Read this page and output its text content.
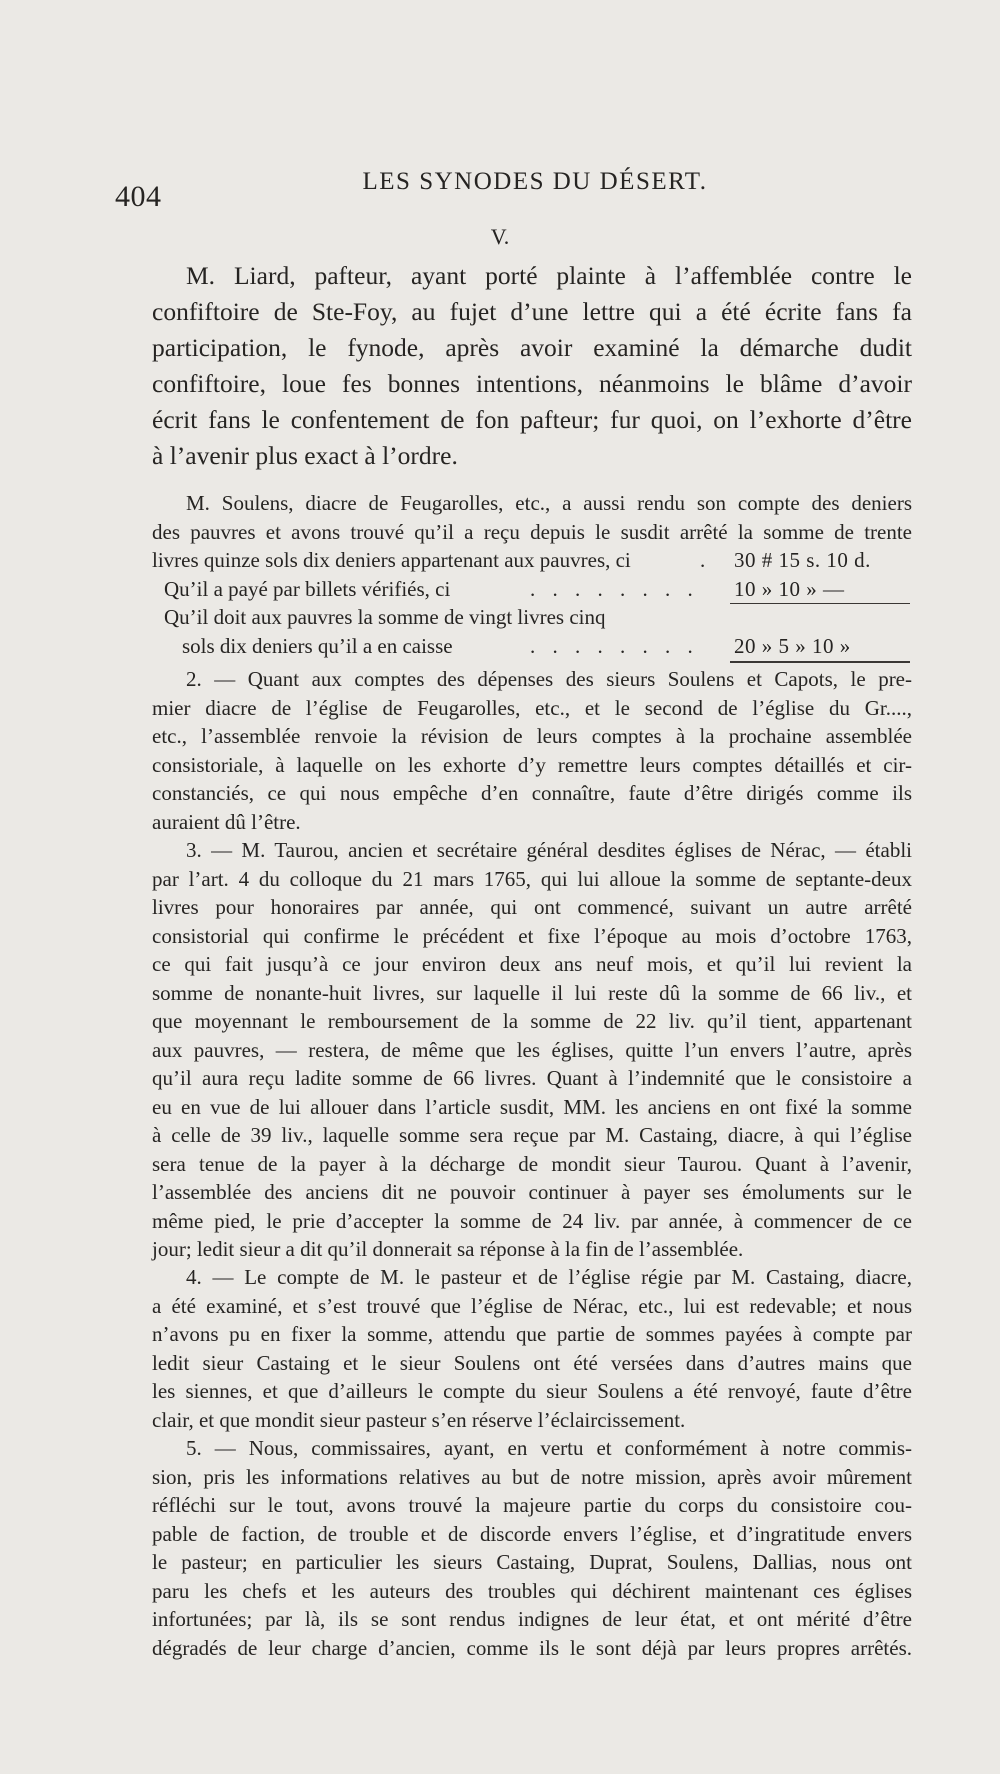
404	LES SYNODES DU DÉSERT.
V.
M. Liard, pafteur, ayant porté plainte à l’affemblée contre le
confiftoire de Ste-Foy, au fujet d’une lettre qui a été écrite fans fa
participation, le fynode, après avoir examiné la démarche dudit
confiftoire, loue fes bonnes intentions, néanmoins le blâme d’avoir
écrit fans le confentement de fon pafteur; fur quoi, on l’exhorte d’être
à l’avenir plus exact à l’ordre.
M. Soulens, diacre de Feugarolles, etc., a aussi rendu son compte des deniers
des pauvres et avons trouvé qu’il a reçu depuis le susdit arrêté la somme de trente
livres quinze sols dix deniers appartenant aux pauvres, ci	. 30 # 15 s. 10 d.
Qu’il a payé par billets vérifiés, ci	. . . . . . . . 10 » 10 » —
Qu’il doit aux pauvres la somme de vingt livres cinq
sols dix deniers qu’il a en caisse	. . . . . . . . 20 » 5 » 10 »
2. — Quant aux comptes des dépenses des sieurs Soulens et Capots, le pre-
mier diacre de l’église de Feugarolles, etc., et le second de l’église du Gr....,
etc., l’assemblée renvoie la révision de leurs comptes à la prochaine assemblée
consistoriale, à laquelle on les exhorte d’y remettre leurs comptes détaillés et cir-
constanciés, ce qui nous empêche d’en connaître, faute d’être dirigés comme ils
auraient dû l’être.
3. — M. Taurou, ancien et secrétaire général desdites églises de Nérac, — établi
par l’art. 4 du colloque du 21 mars 1765, qui lui alloue la somme de septante-deux
livres pour honoraires par année, qui ont commencé, suivant un autre arrêté
consistorial qui confirme le précédent et fixe l’époque au mois d’octobre 1763,
ce qui fait jusqu’à ce jour environ deux ans neuf mois, et qu’il lui revient la
somme de nonante-huit livres, sur laquelle il lui reste dû la somme de 66 liv., et
que moyennant le remboursement de la somme de 22 liv. qu’il tient, appartenant
aux pauvres, — restera, de même que les églises, quitte l’un envers l’autre, après
qu’il aura reçu ladite somme de 66 livres. Quant à l’indemnité que le consistoire a
eu en vue de lui allouer dans l’article susdit, MM. les anciens en ont fixé la somme
à celle de 39 liv., laquelle somme sera reçue par M. Castaing, diacre, à qui l’église
sera tenue de la payer à la décharge de mondit sieur Taurou. Quant à l’avenir,
l’assemblée des anciens dit ne pouvoir continuer à payer ses émoluments sur le
même pied, le prie d’accepter la somme de 24 liv. par année, à commencer de ce
jour; ledit sieur a dit qu’il donnerait sa réponse à la fin de l’assemblée.
4. — Le compte de M. le pasteur et de l’église régie par M. Castaing, diacre,
a été examiné, et s’est trouvé que l’église de Nérac, etc., lui est redevable; et nous
n’avons pu en fixer la somme, attendu que partie de sommes payées à compte par
ledit sieur Castaing et le sieur Soulens ont été versées dans d’autres mains que
les siennes, et que d’ailleurs le compte du sieur Soulens a été renvoyé, faute d’être
clair, et que mondit sieur pasteur s’en réserve l’éclaircissement.
5. — Nous, commissaires, ayant, en vertu et conformément à notre commis-
sion, pris les informations relatives au but de notre mission, après avoir mûrement
réfléchi sur le tout, avons trouvé la majeure partie du corps du consistoire cou-
pable de faction, de trouble et de discorde envers l’église, et d’ingratitude envers
le pasteur; en particulier les sieurs Castaing, Duprat, Soulens, Dallias, nous ont
paru les chefs et les auteurs des troubles qui déchirent maintenant ces églises
infortunées; par là, ils se sont rendus indignes de leur état, et ont mérité d’être
dégradés de leur charge d’ancien, comme ils le sont déjà par leurs propres arrêtés.
